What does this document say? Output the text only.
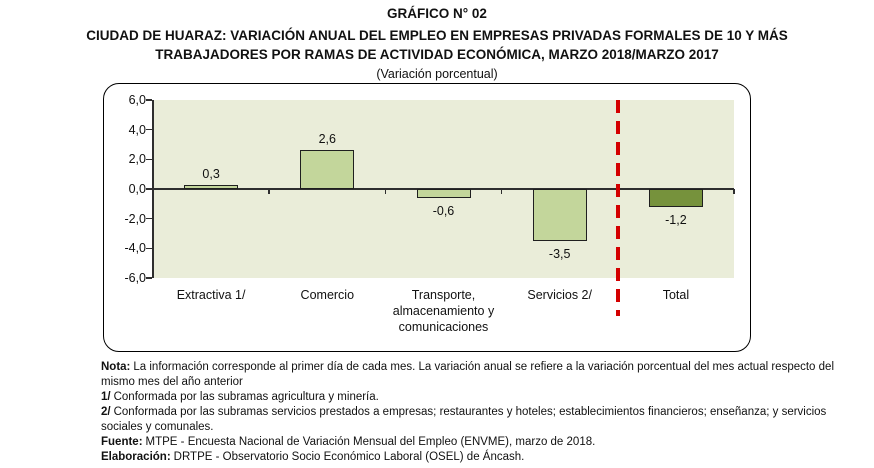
GRÁFICO N° 02
CIUDAD DE HUARAZ: VARIACIÓN ANUAL DEL EMPLEO EN EMPRESAS PRIVADAS FORMALES DE 10 Y MÁS
TRABAJADORES POR RAMAS DE ACTIVIDAD ECONÓMICA, MARZO 2018/MARZO 2017
(Variación porcentual)
6,0
4,0
2,0
0,0
-2,0
-4,0
-6,0
0,3
2,6
-0,6
-3,5
-1,2
Extractiva 1/	Comercio	Transporte, almacenamiento y comunicaciones
Servicios 2/	Total

Nota: La información corresponde al primer día de cada mes. La variación anual se refiere a la variación porcentual del mes actual respecto del mismo mes del año anterior

1/ Conformada por las subramas agricultura y minería.

2/ Conformada por las subramas servicios prestados a empresas; restaurantes y hoteles; establecimientos financieros; enseñanza; y servicios sociales y comunales.

Fuente: MTPE - Encuesta Nacional de Variación Mensual del Empleo (ENVME), marzo de 2018.

Elaboración: DRTPE - Observatorio Socio Económico Laboral (OSEL) de Áncash.
